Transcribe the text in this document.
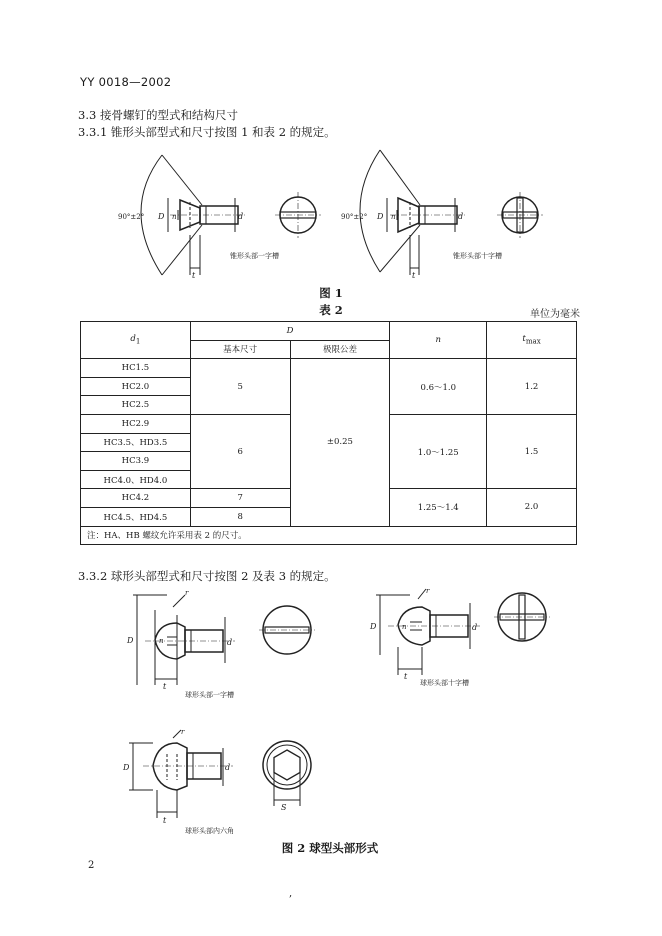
YY 0018—2002
3.3 接骨螺钉的型式和结构尺寸
3.3.1 锥形头部型式和尺寸按图 1 和表 2 的规定。
90°±2° D n	d
t
锥形头部一字槽
90°±2° D n	d
t
锥形头部十字槽
图 1
表 2	单位为毫米
$d_1$	D		n	$t_{max}$
	基本尺寸	极限公差		
HC1.5	5	±0.25	0.6～1.0	1.2
HC2.0				
HC2.5				
HC2.9	6		1.0～1.25	1.5
HC3.5、HD3.5				
HC3.9				
HC4.0、HD4.0				
HC4.2	7		1.25～1.4	2.0
HC4.5、HD4.5	8			
注：HA、HB 螺纹允许采用表 2 的尺寸。				
3.3.2 球形头部型式和尺寸按图 2 及表 3 的规定。
D	n	d
r
t
球形头部一字槽
D	n	d
r
t
球形头部十字槽
D	d
r
t
S
球形头部内六角
图 2 球型头部形式
2
,
